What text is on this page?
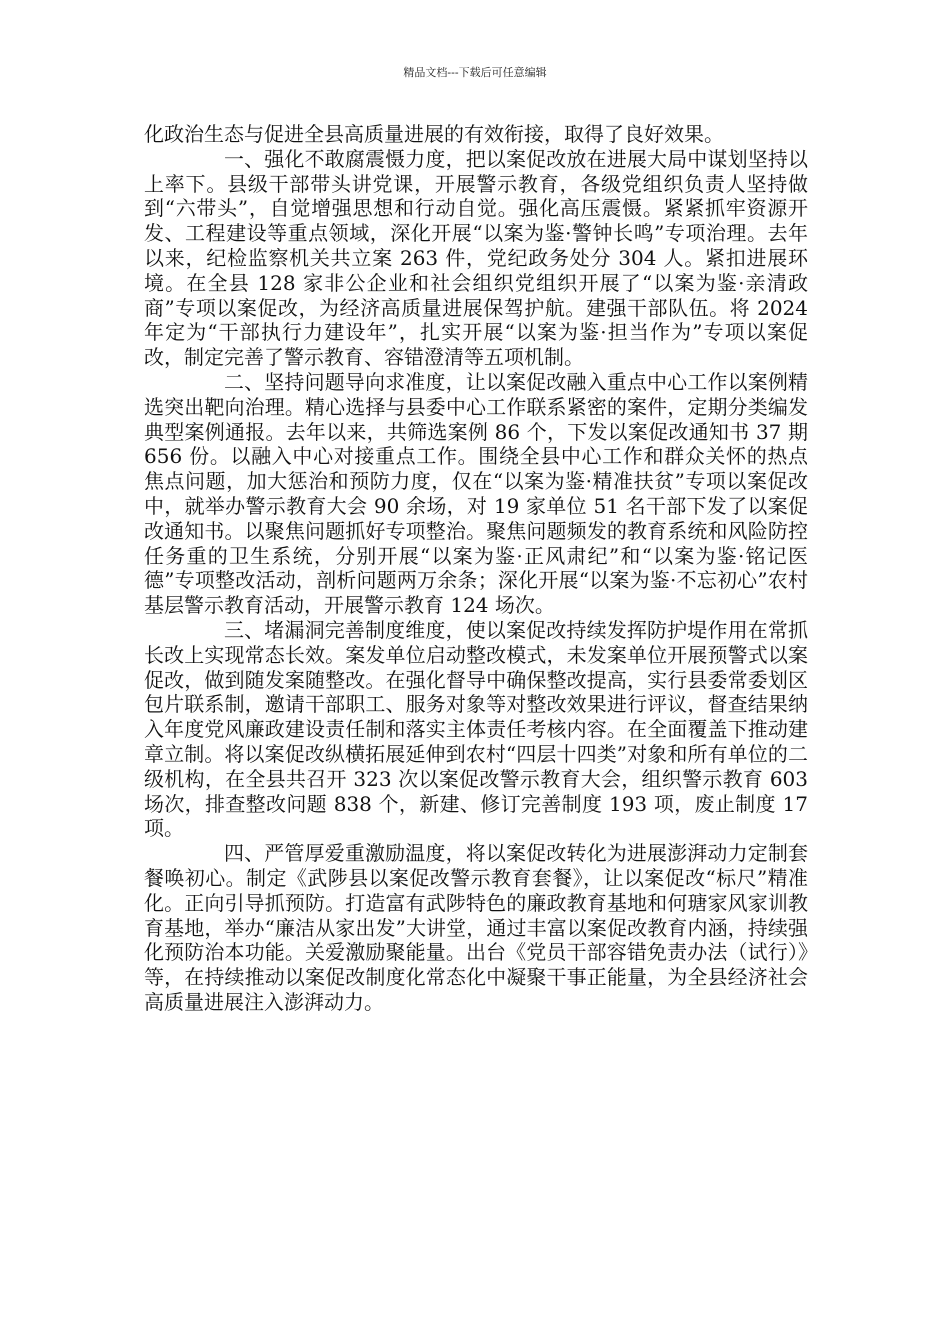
精品文档---下载后可任意编辑

化政治生态与促进全县高质量进展的有效衔接，取得了良好效果。

一、强化不敢腐震慑力度，把以案促改放在进展大局中谋划坚持以上率下。县级干部带头讲党课，开展警示教育，各级党组织负责人坚持做到“六带头”，自觉增强思想和行动自觉。强化高压震慑。紧紧抓牢资源开发、工程建设等重点领域，深化开展“以案为鉴·警钟长鸣”专项治理。去年以来，纪检监察机关共立案 263 件，党纪政务处分 304 人。紧扣进展环境。在全县 128 家非公企业和社会组织党组织开展了“以案为鉴·亲清政商”专项以案促改，为经济高质量进展保驾护航。建强干部队伍。将 2024 年定为“干部执行力建设年”，扎实开展“以案为鉴·担当作为”专项以案促改，制定完善了警示教育、容错澄清等五项机制。

二、坚持问题导向求准度，让以案促改融入重点中心工作以案例精选突出靶向治理。精心选择与县委中心工作联系紧密的案件，定期分类编发典型案例通报。去年以来，共筛选案例 86 个，下发以案促改通知书 37 期 656 份。以融入中心对接重点工作。围绕全县中心工作和群众关怀的热点焦点问题，加大惩治和预防力度，仅在“以案为鉴·精准扶贫”专项以案促改中，就举办警示教育大会 90 余场，对 19 家单位 51 名干部下发了以案促改通知书。以聚焦问题抓好专项整治。聚焦问题频发的教育系统和风险防控任务重的卫生系统，分别开展“以案为鉴·正风肃纪”和“以案为鉴·铭记医德”专项整改活动，剖析问题两万余条；深化开展“以案为鉴·不忘初心”农村基层警示教育活动，开展警示教育 124 场次。

三、堵漏洞完善制度维度，使以案促改持续发挥防护堤作用在常抓长改上实现常态长效。案发单位启动整改模式，未发案单位开展预警式以案促改，做到随发案随整改。在强化督导中确保整改提高，实行县委常委划区包片联系制，邀请干部职工、服务对象等对整改效果进行评议，督查结果纳入年度党风廉政建设责任制和落实主体责任考核内容。在全面覆盖下推动建章立制。将以案促改纵横拓展延伸到农村“四层十四类”对象和所有单位的二级机构，在全县共召开 323 次以案促改警示教育大会，组织警示教育 603 场次，排查整改问题 838 个，新建、修订完善制度 193 项，废止制度 17 项。

四、严管厚爱重激励温度，将以案促改转化为进展澎湃动力定制套餐唤初心。制定《武陟县以案促改警示教育套餐》，让以案促改“标尺”精准化。正向引导抓预防。打造富有武陟特色的廉政教育基地和何瑭家风家训教育基地，举办“廉洁从家出发”大讲堂，通过丰富以案促改教育内涵，持续强化预防治本功能。关爱激励聚能量。出台《党员干部容错免责办法（试行）》等，在持续推动以案促改制度化常态化中凝聚干事正能量，为全县经济社会高质量进展注入澎湃动力。
